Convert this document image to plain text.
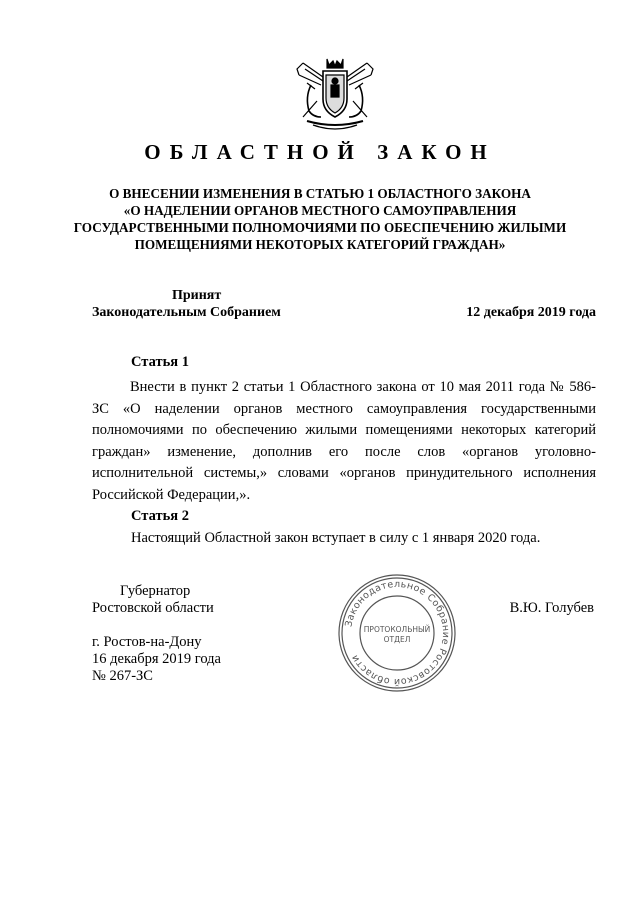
ОБЛАСТНОЙ ЗАКОН
О ВНЕСЕНИИ ИЗМЕНЕНИЯ В СТАТЬЮ 1 ОБЛАСТНОГО ЗАКОНА
«О НАДЕЛЕНИИ ОРГАНОВ МЕСТНОГО САМОУПРАВЛЕНИЯ
ГОСУДАРСТВЕННЫМИ ПОЛНОМОЧИЯМИ ПО ОБЕСПЕЧЕНИЮ ЖИЛЫМИ
ПОМЕЩЕНИЯМИ НЕКОТОРЫХ КАТЕГОРИЙ ГРАЖДАН»
Принят
Законодательным Собранием	12 декабря 2019 года
Статья 1
Внести в пункт 2 статьи 1 Областного закона от 10 мая 2011 года № 586-ЗС «О наделении органов местного самоуправления государственными полномочиями по обеспечению жилыми помещениями некоторых категорий граждан» изменение, дополнив его после слов «органов уголовно-исполнительной системы,» словами «органов принудительного исполнения Российской Федерации,».
Статья 2
Настоящий Областной закон вступает в силу с 1 января 2020 года.
Губернатор
Ростовской области	В.Ю. Голубев
г. Ростов-на-Дону
16 декабря 2019 года
№ 267-ЗС
Законодательное Собрание Ростовской области
ПРОТОКОЛЬНЫЙ
ОТДЕЛ
